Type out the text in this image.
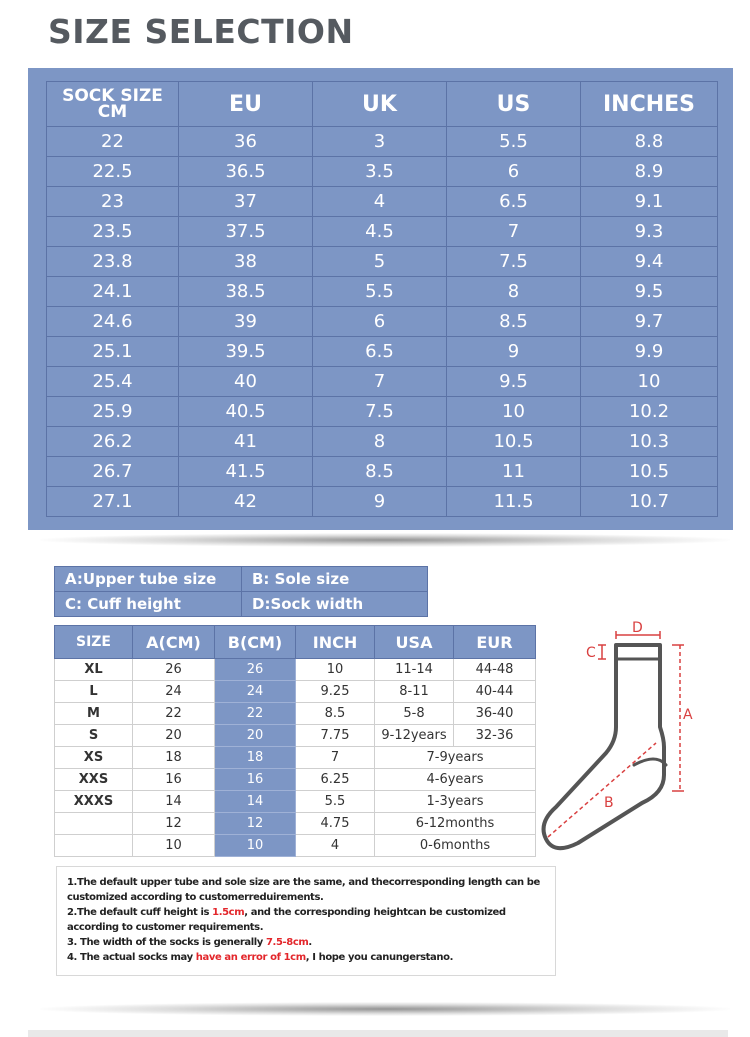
SIZE SELECTION
SOCK SIZE CM	EU	UK	US	INCHES
22	36	3	5.5	8.8
22.5	36.5	3.5	6	8.9
23	37	4	6.5	9.1
23.5	37.5	4.5	7	9.3
23.8	38	5	7.5	9.4
24.1	38.5	5.5	8	9.5
24.6	39	6	8.5	9.7
25.1	39.5	6.5	9	9.9
25.4	40	7	9.5	10
25.9	40.5	7.5	10	10.2
26.2	41	8	10.5	10.3
26.7	41.5	8.5	11	10.5
27.1	42	9	11.5	10.7
A:Upper tube size	B: Sole size
C: Cuff height	D:Sock width
SIZE	A(CM)	B(CM)	INCH	USA	EUR
XL	26	26	10	11-14	44-48
L	24	24	9.25	8-11	40-44
M	22	22	8.5	5-8	36-40
S	20	20	7.75	9-12years	32-36
XS	18	18	7	7-9years	
XXS	16	16	6.25	4-6years	
XXXS	14	14	5.5	1-3years	
	12	12	4.75	6-12months	
	10	10	4	0-6months	
D
C
A
B

1.The default upper tube and sole size are the same, and thecorresponding length can be customized according to customerreduirements.

2.The default cuff height is 1.5cm, and the corresponding heightcan be customized according to customer requirements.

3. The width of the socks is generally 7.5-8cm.

4. The actual socks may have an error of 1cm, I hope you canungerstano.
